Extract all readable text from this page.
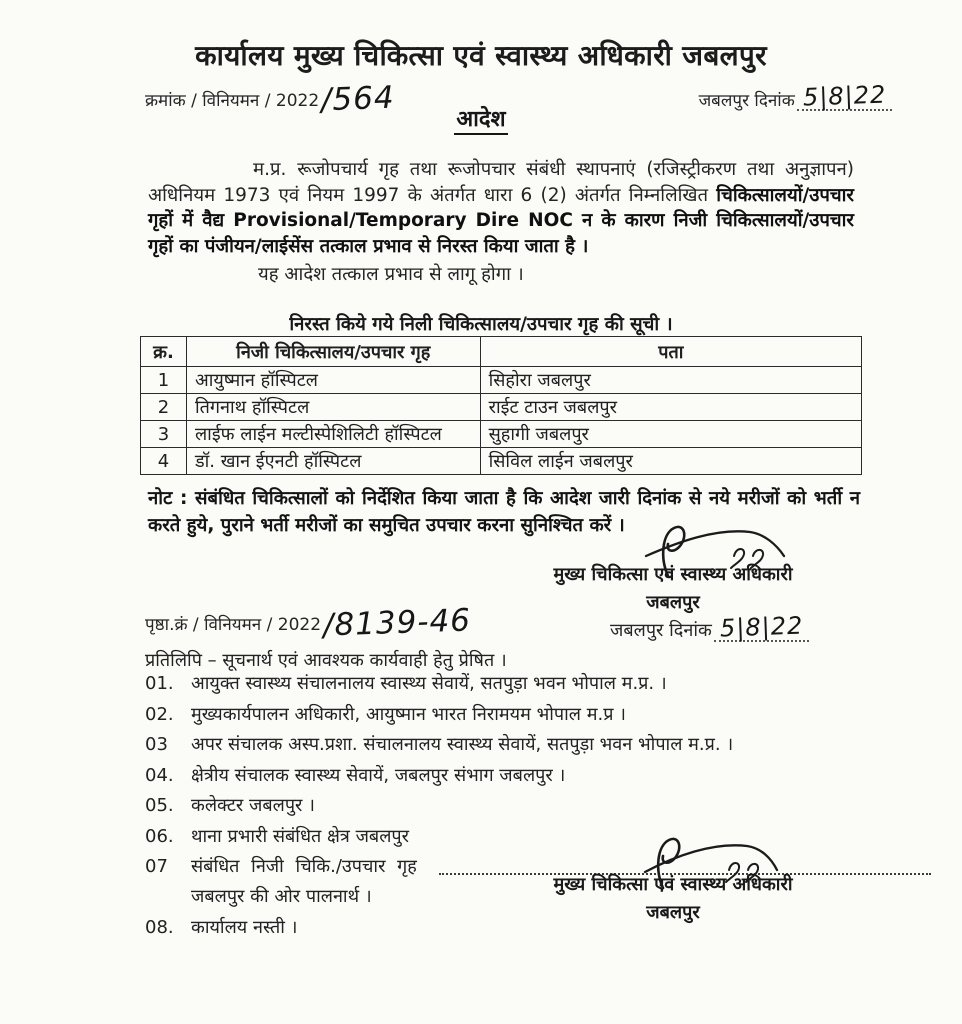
कार्यालय मुख्य चिकित्सा एवं स्वास्थ्य अधिकारी जबलपुर
क्रमांक / विनियमन / 2022 /564	जबलपुर दिनांक 5|8|22
आदेश
म.प्र. रूजोपचार्य गृह तथा रूजोपचार संबंधी स्थापनाएं (रजिस्ट्रीकरण तथा अनुज्ञापन) अधिनियम 1973 एवं नियम 1997 के अंतर्गत धारा 6 (2) अंतर्गत निम्नलिखित चिकित्सालयों/उपचार गृहों में वैद्य Provisional/Temporary Dire NOC न के कारण निजी चिकित्सालयों/उपचार गृहों का पंजीयन/लाईसेंस तत्काल प्रभाव से निरस्त किया जाता है ।
यह आदेश तत्काल प्रभाव से लागू होगा ।
निरस्त किये गये निली चिकित्सालय/उपचार गृह की सूची ।
क्र.	निजी चिकित्सालय/उपचार गृह	पता
1	आयुष्मान हॉस्पिटल	सिहोरा जबलपुर
2	तिगनाथ हॉस्पिटल	राईट टाउन जबलपुर
3	लाईफ लाईन मल्टीस्पेशिलिटी हॉस्पिटल	सुहागी जबलपुर
4	डॉ. खान ईएनटी हॉस्पिटल	सिविल लाईन जबलपुर
नोट : संबंधित चिकित्सालों को निर्देशित किया जाता है कि आदेश जारी दिनांक से नये मरीजों को भर्ती न करते हुये, पुराने भर्ती मरीजों का समुचित उपचार करना सुनिश्चित करें ।
मुख्य चिकित्सा एवं स्वास्थ्य अधिकारी
जबलपुर
जबलपुर दिनांक 5|8|22
पृष्ठा.क्रं / विनियमन / 2022 /8139-46
प्रतिलिपि – सूचनार्थ एवं आवश्यक कार्यवाही हेतु प्रेषित ।
01. आयुक्त स्वास्थ्य संचालनालय स्वास्थ्य सेवायें, सतपुड़ा भवन भोपाल म.प्र. ।
02. मुख्यकार्यपालन अधिकारी, आयुष्मान भारत निरामयम भोपाल म.प्र ।
03	अपर संचालक अस्प.प्रशा. संचालनालय स्वास्थ्य सेवायें, सतपुड़ा भवन भोपाल म.प्र. ।
04. क्षेत्रीय संचालक स्वास्थ्य सेवायें, जबलपुर संभाग जबलपुर ।
05. कलेक्टर जबलपुर ।
06. थाना प्रभारी संबंधित क्षेत्र जबलपुर
07	संबंधित निजी चिकि./उपचार गृह
जबलपुर की ओर पालनार्थ ।
08. कार्यालय नस्ती ।
मुख्य चिकित्सा एवं स्वास्थ्य अधिकारी
जबलपुर
